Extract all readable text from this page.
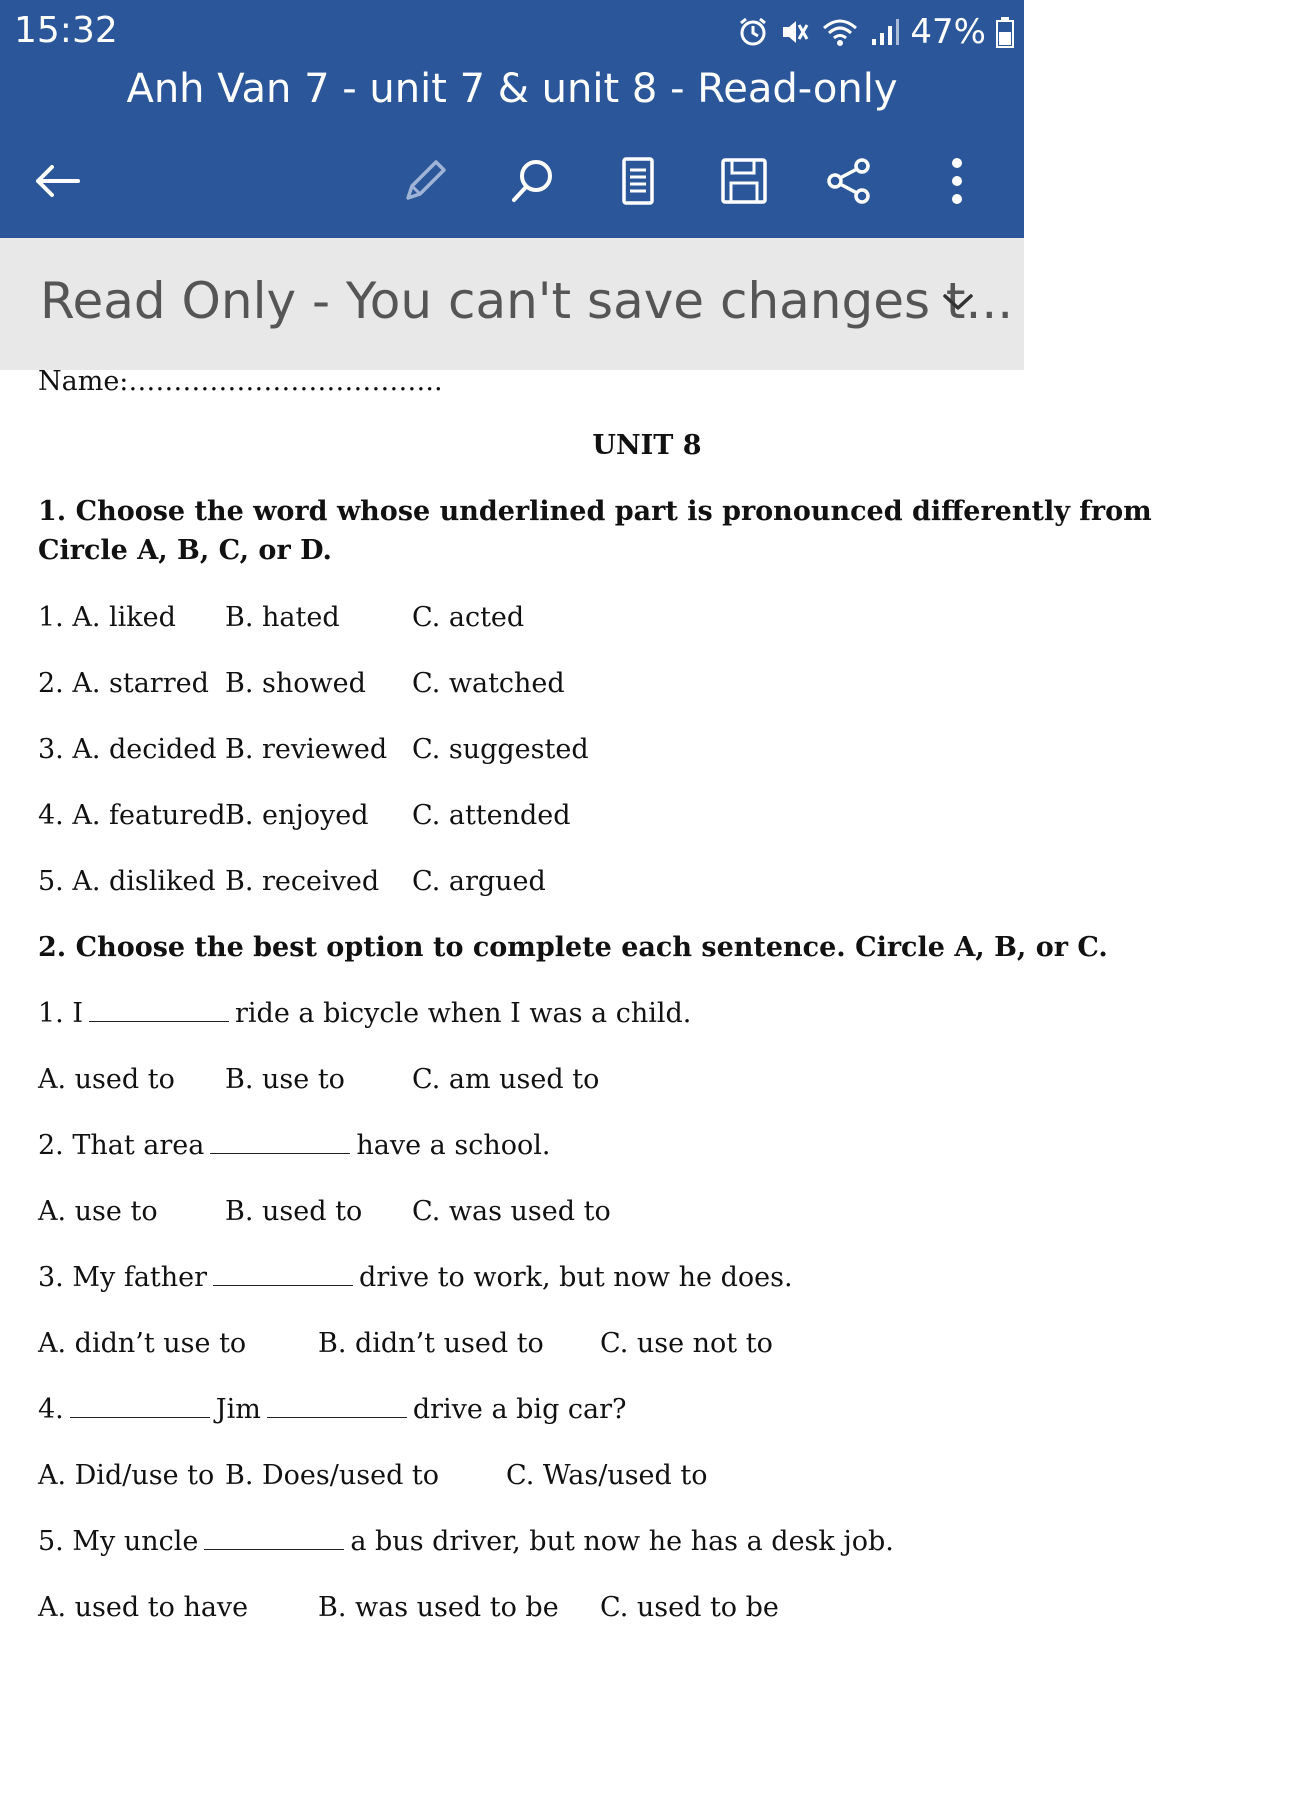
15:32	47%
Anh Van 7 - unit 7 & unit 8 - Read-only
Read Only - You can't save changes t...
Name:……………………………..
UNIT 8
1. Choose the word whose underlined part is pronounced differently from
Circle A, B, C, or D.
1. A. liked B. hated	C. acted
2. A. starred B. showed C. watched
3. A. decided B. reviewed C. suggested
4. A. featured B. enjoyed C. attended
5. A. disliked B. received C. argued
2. Choose the best option to complete each sentence. Circle A, B, or C.
1. I	ride a bicycle when I was a child.
A. used to B. use to C. am used to
2. That area	have a school.
A. use to B. used to C. was used to
3. My father	drive to work, but now he does.
A. didn’t use to	B. didn’t used to C. use not to
4.	Jim	drive a big car?
A. Did/use to B. Does/used to C. Was/used to
5. My uncle	a bus driver, but now he has a desk job.
A. used to have	B. was used to be C. used to be
